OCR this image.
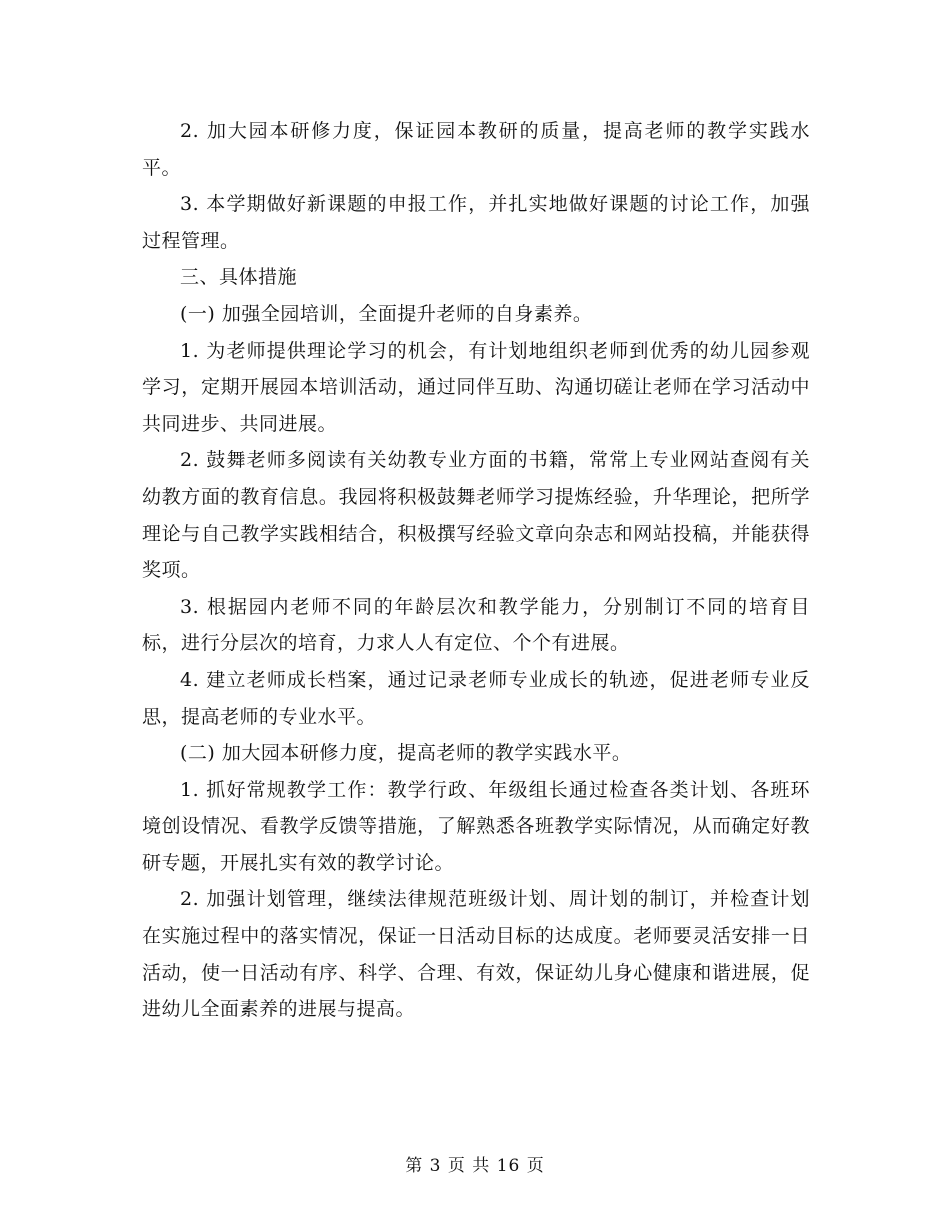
2. 加大园本研修力度，保证园本教研的质量，提高老师的教学实践水平。

3. 本学期做好新课题的申报工作，并扎实地做好课题的讨论工作，加强过程管理。

三、具体措施

(一) 加强全园培训，全面提升老师的自身素养。

1. 为老师提供理论学习的机会，有计划地组织老师到优秀的幼儿园参观学习，定期开展园本培训活动，通过同伴互助、沟通切磋让老师在学习活动中共同进步、共同进展。

2. 鼓舞老师多阅读有关幼教专业方面的书籍，常常上专业网站查阅有关幼教方面的教育信息。我园将积极鼓舞老师学习提炼经验，升华理论，把所学理论与自己教学实践相结合，积极撰写经验文章向杂志和网站投稿，并能获得奖项。

3. 根据园内老师不同的年龄层次和教学能力，分别制订不同的培育目标，进行分层次的培育，力求人人有定位、个个有进展。

4. 建立老师成长档案，通过记录老师专业成长的轨迹，促进老师专业反思，提高老师的专业水平。

(二) 加大园本研修力度，提高老师的教学实践水平。

1. 抓好常规教学工作：教学行政、年级组长通过检查各类计划、各班环境创设情况、看教学反馈等措施，了解熟悉各班教学实际情况，从而确定好教研专题，开展扎实有效的教学讨论。

2. 加强计划管理，继续法律规范班级计划、周计划的制订，并检查计划在实施过程中的落实情况，保证一日活动目标的达成度。老师要灵活安排一日活动，使一日活动有序、科学、合理、有效，保证幼儿身心健康和谐进展，促进幼儿全面素养的进展与提高。

第 3 页 共 16 页
